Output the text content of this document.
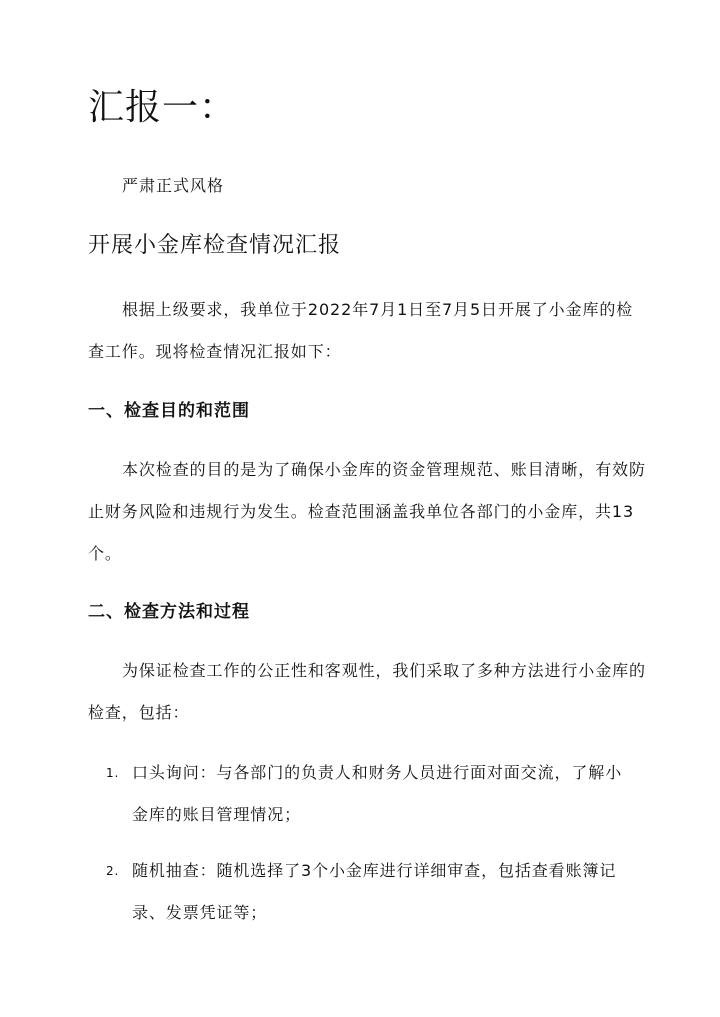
汇报一：
严肃正式风格
开展小金库检查情况汇报

根据上级要求，我单位于2022年7月1日至7月5日开展了小金库的检查工作。现将检查情况汇报如下：

一、检查目的和范围

本次检查的目的是为了确保小金库的资金管理规范、账目清晰，有效防止财务风险和违规行为发生。检查范围涵盖我单位各部门的小金库，共13个。

二、检查方法和过程

为保证检查工作的公正性和客观性，我们采取了多种方法进行小金库的检查，包括：

1. 口头询问：与各部门的负责人和财务人员进行面对面交流，了解小金库的账目管理情况；
2. 随机抽查：随机选择了3个小金库进行详细审查，包括查看账簿记录、发票凭证等；
